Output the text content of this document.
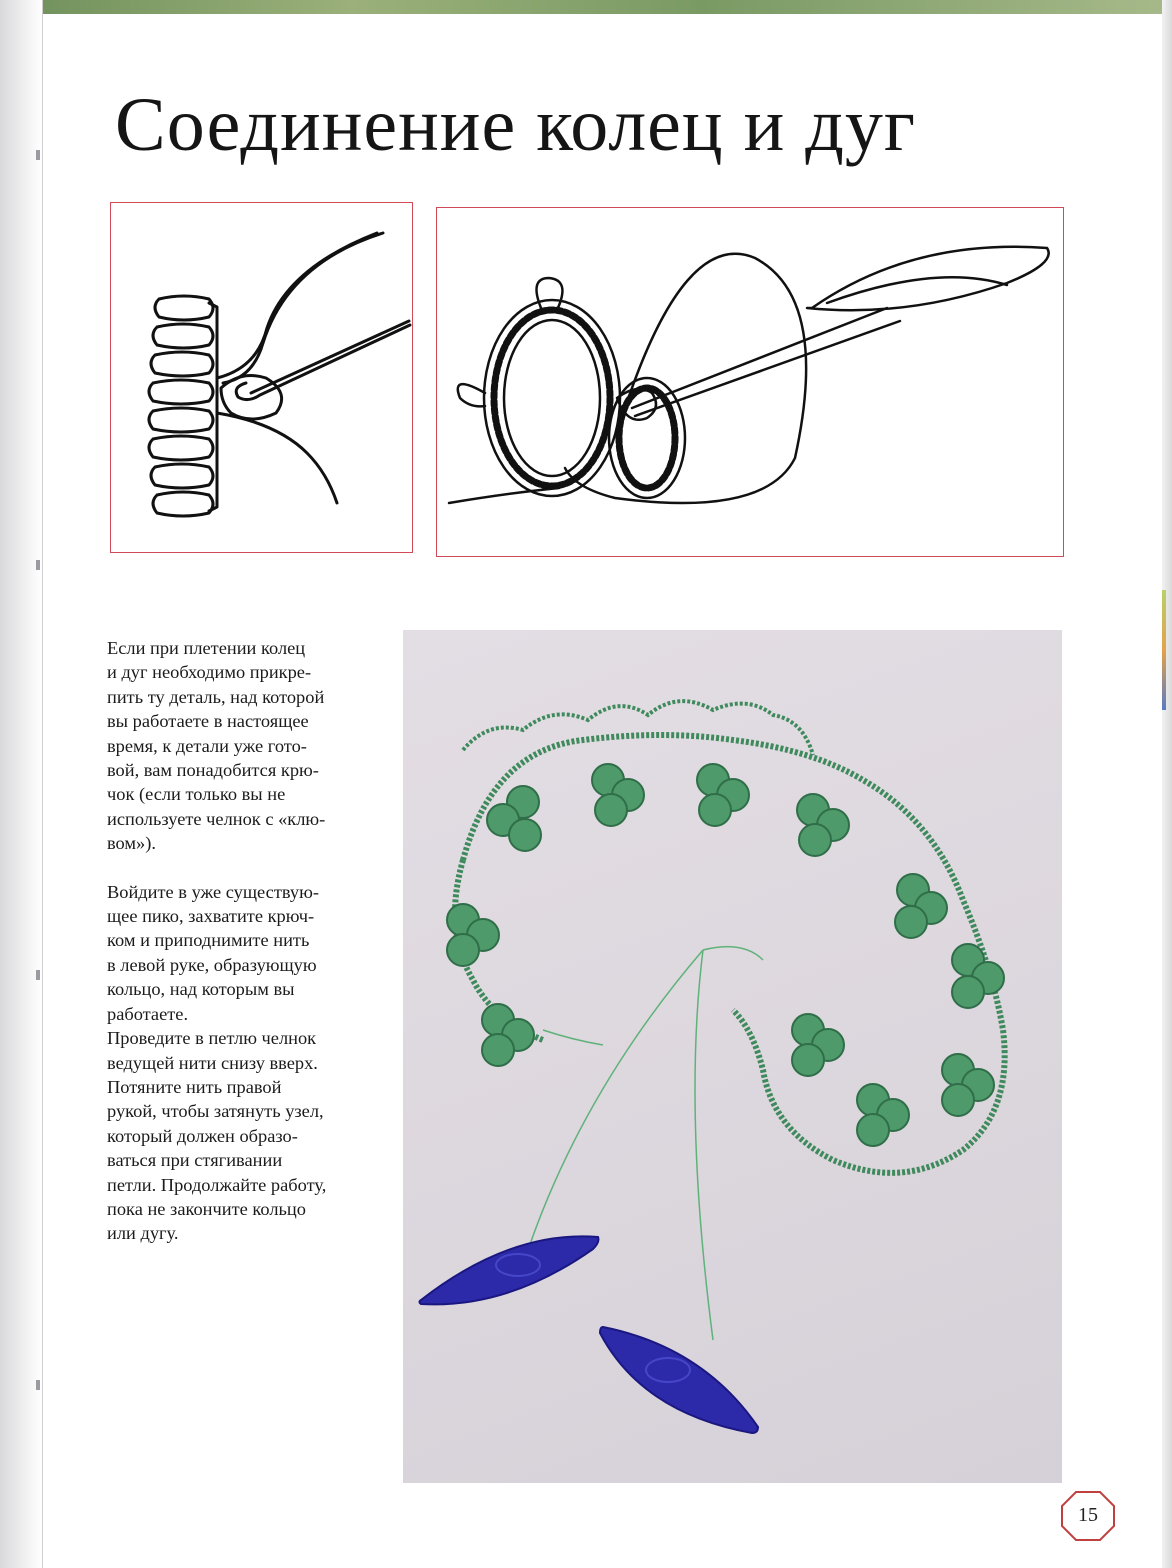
Соединение колец и дуг

Если при плетении колец
и дуг необходимо прикре-
пить ту деталь, над которой
вы работаете в настоящее
время, к детали уже гото-
вой, вам понадобится крю-
чок (если только вы не
используете челнок с «клю-
вом»).

Войдите в уже существую-
щее пико, захватите крюч-
ком и приподнимите нить
в левой руке, образующую
кольцо, над которым вы
работаете.
Проведите в петлю челнок
ведущей нити снизу вверх.
Потяните нить правой
рукой, чтобы затянуть узел,
который должен образо-
ваться при стягивании
петли. Продолжайте работу,
пока не закончите кольцо
или дугу.

15
